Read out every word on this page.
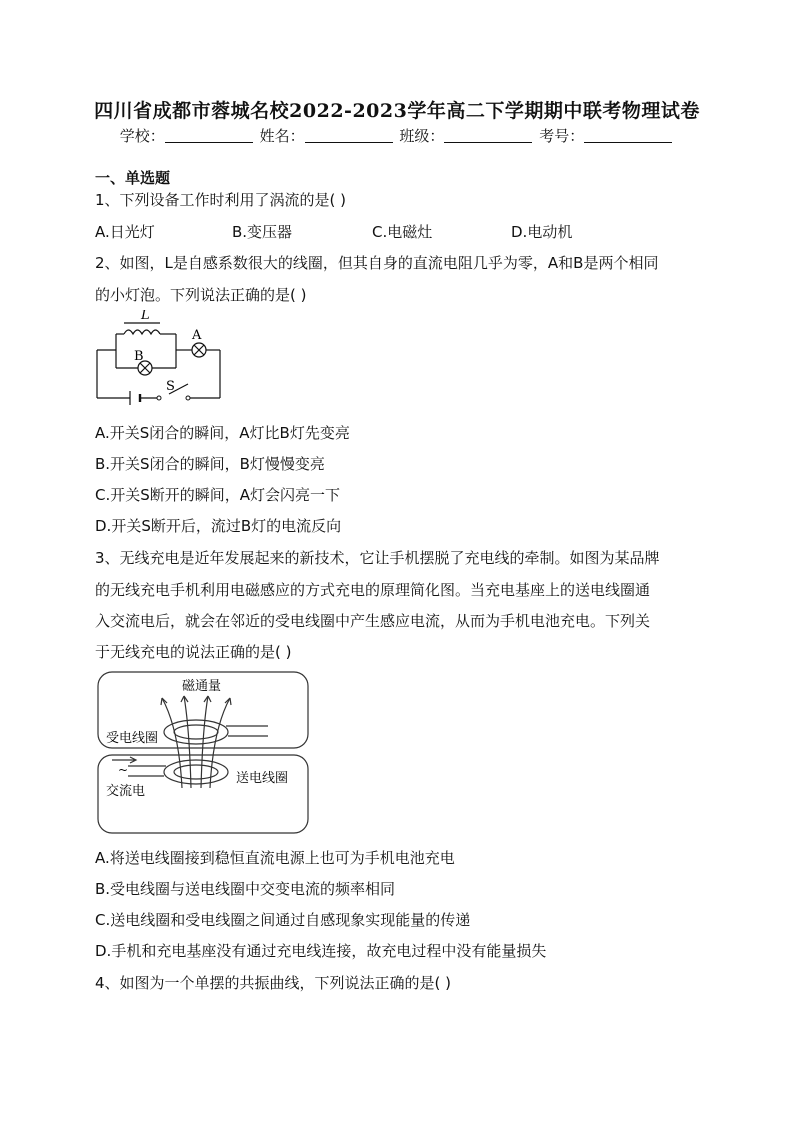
四川省成都市蓉城名校2022-2023学年高二下学期期中联考物理试卷
学校：	姓名：	班级：	考号：
一、单选题
1、下列设备工作时利用了涡流的是( )
A.日光灯	B.变压器	C.电磁灶	D.电动机
2、如图，L是自感系数很大的线圈，但其自身的直流电阻几乎为零，A和B是两个相同
的小灯泡。下列说法正确的是( )
L
A
B
S
A.开关S闭合的瞬间，A灯比B灯先变亮
B.开关S闭合的瞬间，B灯慢慢变亮
C.开关S断开的瞬间，A灯会闪亮一下
D.开关S断开后，流过B灯的电流反向
3、无线充电是近年发展起来的新技术，它让手机摆脱了充电线的牵制。如图为某品牌
的无线充电手机利用电磁感应的方式充电的原理简化图。当充电基座上的送电线圈通
入交流电后，就会在邻近的受电线圈中产生感应电流，从而为手机电池充电。下列关
于无线充电的说法正确的是( )
磁通量
受电线圈
送电线圈
~
交流电
A.将送电线圈接到稳恒直流电源上也可为手机电池充电
B.受电线圈与送电线圈中交变电流的频率相同
C.送电线圈和受电线圈之间通过自感现象实现能量的传递
D.手机和充电基座没有通过充电线连接，故充电过程中没有能量损失
4、如图为一个单摆的共振曲线，下列说法正确的是( )
